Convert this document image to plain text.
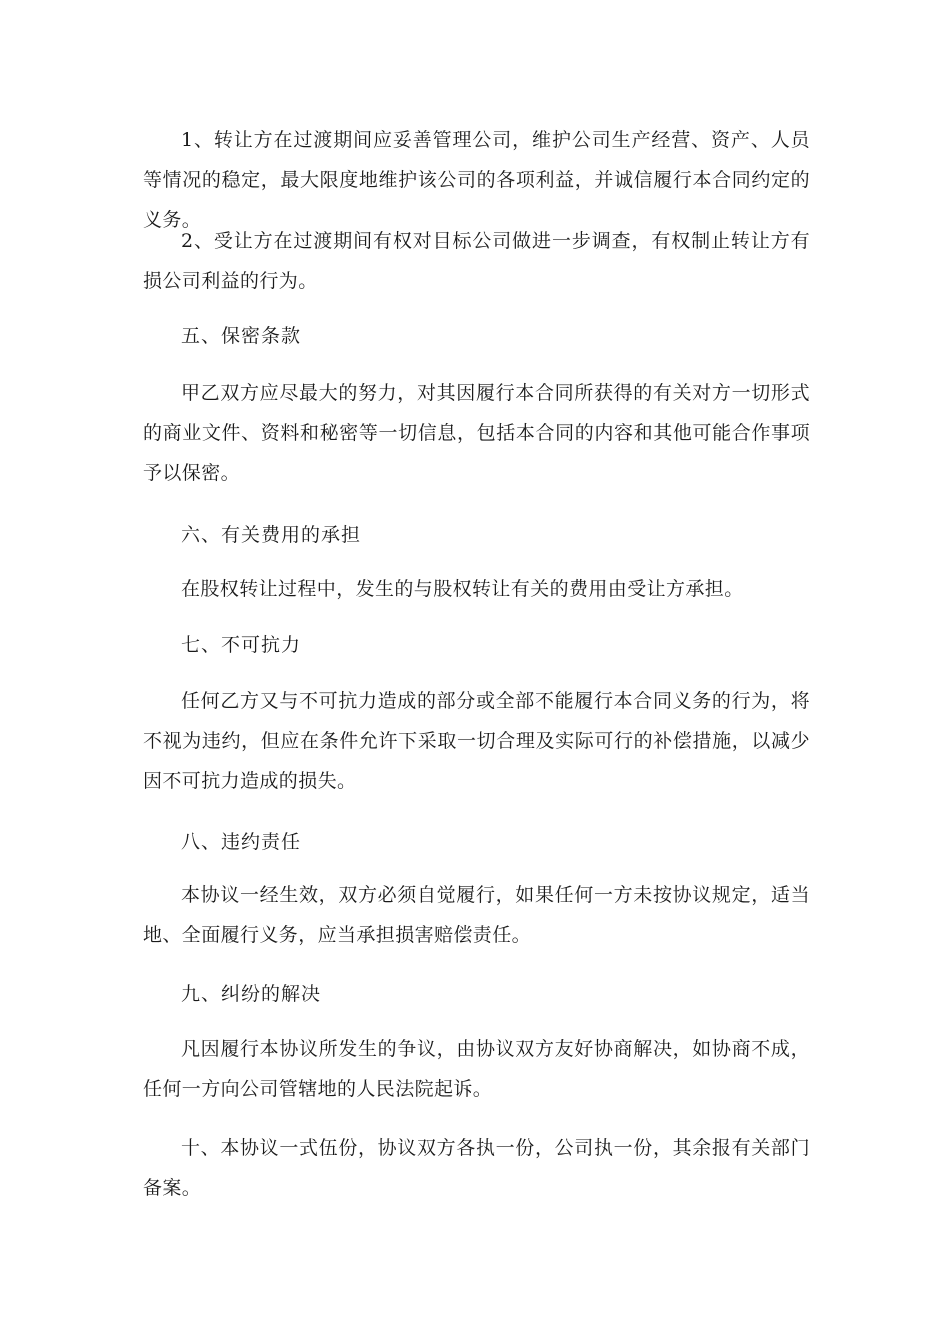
1、转让方在过渡期间应妥善管理公司，维护公司生产经营、资产、人员等情况的稳定，最大限度地维护该公司的各项利益，并诚信履行本合同约定的义务。

2、受让方在过渡期间有权对目标公司做进一步调查，有权制止转让方有损公司利益的行为。

五、保密条款

甲乙双方应尽最大的努力，对其因履行本合同所获得的有关对方一切形式的商业文件、资料和秘密等一切信息，包括本合同的内容和其他可能合作事项予以保密。

六、有关费用的承担

在股权转让过程中，发生的与股权转让有关的费用由受让方承担。

七、不可抗力

任何乙方又与不可抗力造成的部分或全部不能履行本合同义务的行为，将不视为违约，但应在条件允许下采取一切合理及实际可行的补偿措施，以减少因不可抗力造成的损失。

八、违约责任

本协议一经生效，双方必须自觉履行，如果任何一方未按协议规定，适当地、全面履行义务，应当承担损害赔偿责任。

九、纠纷的解决

凡因履行本协议所发生的争议，由协议双方友好协商解决，如协商不成，任何一方向公司管辖地的人民法院起诉。

十、本协议一式伍份，协议双方各执一份，公司执一份，其余报有关部门备案。
